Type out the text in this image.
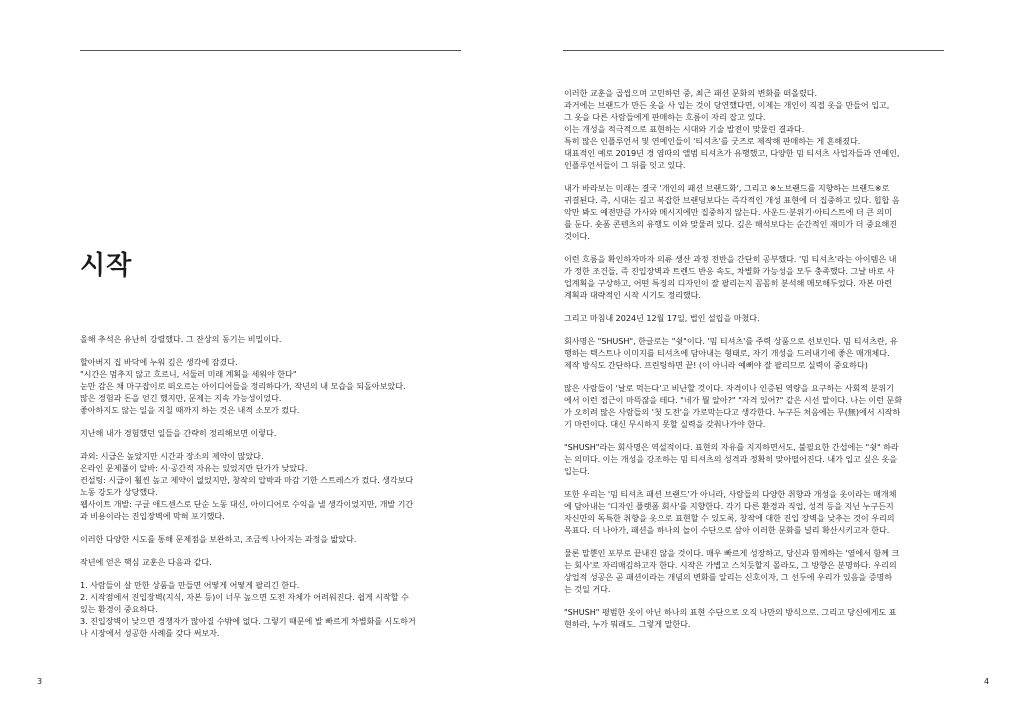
시작
올해 추석은 유난히 강렬했다. 그 잔상의 동기는 비밀이다.
할아버지 집 바닥에 누워 깊은 생각에 잠겼다.
"시간은 멈추지 않고 흐르니, 서둘러 미래 계획을 세워야 한다"
눈만 감은 채 마구잡이로 떠오르는 아이디어들을 정리하다가, 작년의 내 모습을 되돌아보았다.
많은 경험과 돈을 얻긴 했지만, 문제는 지속 가능성이었다.
좋아하지도 않는 일을 지칠 때까지 하는 것은 내적 소모가 컸다.
지난해 내가 경험했던 일들을 간략히 정리해보면 이렇다.
과외: 시급은 높았지만 시간과 장소의 제약이 많았다.
온라인 문제풀이 알바: 시·공간적 자유는 있었지만 단가가 낮았다.
컨설팅: 시급이 훨씬 높고 제약이 없었지만, 창작의 압박과 마감 기한 스트레스가 컸다. 생각보다
노동 강도가 상당했다.
웹사이트 개발: 구글 애드센스로 단순 노동 대신, 아이디어로 수익을 낼 생각이었지만, 개발 기간
과 비용이라는 진입장벽에 막혀 포기했다.
이러한 다양한 시도를 통해 문제점을 보완하고, 조금씩 나아지는 과정을 밟았다.
작년에 얻은 핵심 교훈은 다음과 같다.
1. 사람들이 살 만한 상품을 만들면 어떻게 어떻게 팔리긴 한다.
2. 시작점에서 진입장벽(지식, 자본 등)이 너무 높으면 도전 자체가 어려워진다. 쉽게 시작할 수
있는 환경이 중요하다.
3. 진입장벽이 낮으면 경쟁자가 많아질 수밖에 없다. 그렇기 때문에 발 빠르게 차별화를 시도하거
나 시장에서 성공한 사례를 갖다 써보자.
3
이러한 교훈을 곱씹으며 고민하던 중, 최근 패션 문화의 변화를 떠올렸다.
과거에는 브랜드가 만든 옷을 사 입는 것이 당연했다면, 이제는 개인이 직접 옷을 만들어 입고,
그 옷을 다른 사람들에게 판매하는 흐름이 자리 잡고 있다.
이는 개성을 적극적으로 표현하는 시대와 기술 발전이 맞물린 결과다.
특히 많은 인플루언서 및 연예인들이 '티셔츠'를 굿즈로 제작해 판매하는 게 흔해졌다.
대표적인 예로 2019년 경 염따의 앨범 티셔츠가 유행했고, 다양한 밈 티셔츠 사업자들과 연예인,
인플루언서들이 그 뒤를 잇고 있다.
내가 바라보는 미래는 결국 '개인의 패션 브랜드화', 그리고 ※노브랜드를 지향하는 브랜드※로
귀결된다. 즉, 시대는 길고 복잡한 브랜딩보다는 즉각적인 개성 표현에 더 집중하고 있다. 힙합 음
악만 봐도 예전만큼 가사와 메시지에만 집중하지 않는다. 사운드·분위기·아티스트에 더 큰 의미
를 둔다. 숏폼 콘텐츠의 유행도 이와 맞물려 있다. 깊은 해석보다는 순간적인 재미가 더 중요해진
것이다.
이런 흐름을 확인하자마자 의류 생산 과정 전반을 간단히 공부했다. '밈 티셔츠'라는 아이템은 내
가 정한 조건들, 즉 진입장벽과 트렌드 반응 속도, 차별화 가능성을 모두 충족했다. 그날 바로 사
업계획을 구상하고, 어떤 특징의 디자인이 잘 팔리는지 꼼꼼히 분석해 메모해두었다. 자본 마련
계획과 대략적인 시작 시기도 정리했다.
그리고 마침내 2024년 12월 17일, 법인 설립을 마쳤다.
회사명은 "SHUSH", 한글로는 "쉿"이다. '밈 티셔츠'를 주력 상품으로 선보인다. 밈 티셔츠란, 유
행하는 텍스트나 이미지를 티셔츠에 담아내는 형태로, 자기 개성을 드러내기에 좋은 매개체다.
제작 방식도 간단하다. 프린팅하면 끝! (이 아니라 예뻐야 잘 팔리므로 실력이 중요하다)
많은 사람들이 '날로 먹는다'고 비난할 것이다. 자격이나 인증된 역량을 요구하는 사회적 분위기
에서 이런 접근이 마뜩잖을 테다. "네가 뭘 알아?" "자격 있어?" 같은 시선 말이다. 나는 이런 문화
가 오히려 많은 사람들의 '첫 도전'을 가로막는다고 생각한다. 누구든 처음에는 무(無)에서 시작하
기 마련이다. 대신 무시하지 못할 실력을 갖춰나가야 한다.
"SHUSH"라는 회사명은 역설적이다. 표현의 자유를 지지하면서도, 불필요한 간섭에는 "쉿" 하라
는 의미다. 이는 개성을 강조하는 밈 티셔츠의 성격과 정확히 맞아떨어진다. 내가 입고 싶은 옷을
입는다.
또한 우리는 '밈 티셔츠 패션 브랜드'가 아니라, 사람들의 다양한 취향과 개성을 옷이라는 매개체
에 담아내는 '디자인 플랫폼 회사'를 지향한다. 각기 다른 환경과 직업, 성격 등을 지닌 누구든지
자신만의 독특한 취향을 옷으로 표현할 수 있도록, 창작에 대한 진입 장벽을 낮추는 것이 우리의
목표다. 더 나아가, 패션을 하나의 놀이 수단으로 삼아 이러한 문화를 널리 확산시키고자 한다.
물론 말뿐인 포부로 끝내진 않을 것이다. 매우 빠르게 성장하고, 당신과 함께하는 '옆에서 함께 크
는 회사'로 자리매김하고자 한다. 시작은 가볍고 스치듯할지 몰라도, 그 방향은 분명하다. 우리의
상업적 성공은 곧 패션이라는 개념의 변화를 알리는 신호이자, 그 선두에 우리가 있음을 증명하
는 것일 거다.
"SHUSH" 평범한 옷이 아닌 하나의 표현 수단으로 오직 나만의 방식으로. 그리고 당신에게도 표
현하라, 누가 뭐래도. 그렇게 말한다.
4
